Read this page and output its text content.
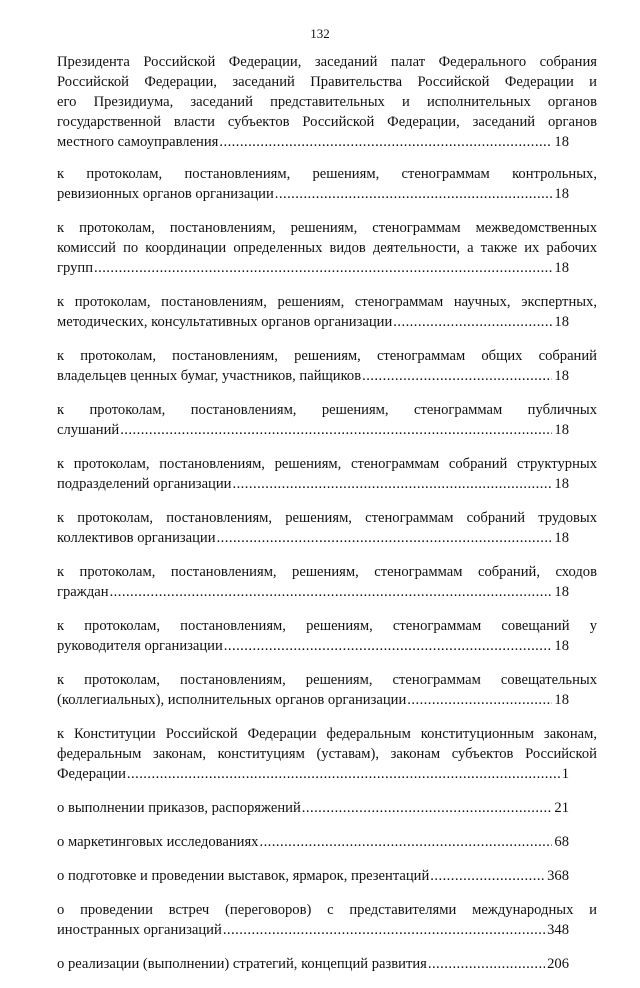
132
Президента Российской Федерации, заседаний палат Федерального собрания
Российской Федерации, заседаний Правительства Российской Федерации и
его Президиума, заседаний представительных и исполнительных органов
государственной власти субъектов Российской Федерации, заседаний органов
местного самоуправления . . .	18
к протоколам, постановлениям, решениям, стенограммам контрольных,
ревизионных органов организации . . .	18
к протоколам, постановлениям, решениям, стенограммам межведомственных
комиссий по координации определенных видов деятельности, а также их рабочих
групп . . .	18
к протоколам, постановлениям, решениям, стенограммам научных, экспертных,
методических, консультативных органов организации . . .	18
к протоколам, постановлениям, решениям, стенограммам общих собраний
владельцев ценных бумаг, участников, пайщиков . . .	18
к протоколам, постановлениям, решениям, стенограммам публичных
слушаний . . .	18
к протоколам, постановлениям, решениям, стенограммам собраний структурных
подразделений организации . . .	18
к протоколам, постановлениям, решениям, стенограммам собраний трудовых
коллективов организации . . .	18
к протоколам, постановлениям, решениям, стенограммам собраний, сходов
граждан . . .	18
к протоколам, постановлениям, решениям, стенограммам совещаний у
руководителя организации . . .	18
к протоколам, постановлениям, решениям, стенограммам совещательных
(коллегиальных), исполнительных органов организации . . .	18
к Конституции Российской Федерации федеральным конституционным законам,
федеральным законам, конституциям (уставам), законам субъектов Российской
Федерации . . .	1
о выполнении приказов, распоряжений . . .	21
о маркетинговых исследованиях . . .	68
о подготовке и проведении выставок, ярмарок, презентаций . . .	368
о проведении встреч (переговоров) с представителями международных и
иностранных организаций . . .	348
о реализации (выполнении) стратегий, концепций развития . . .	206
